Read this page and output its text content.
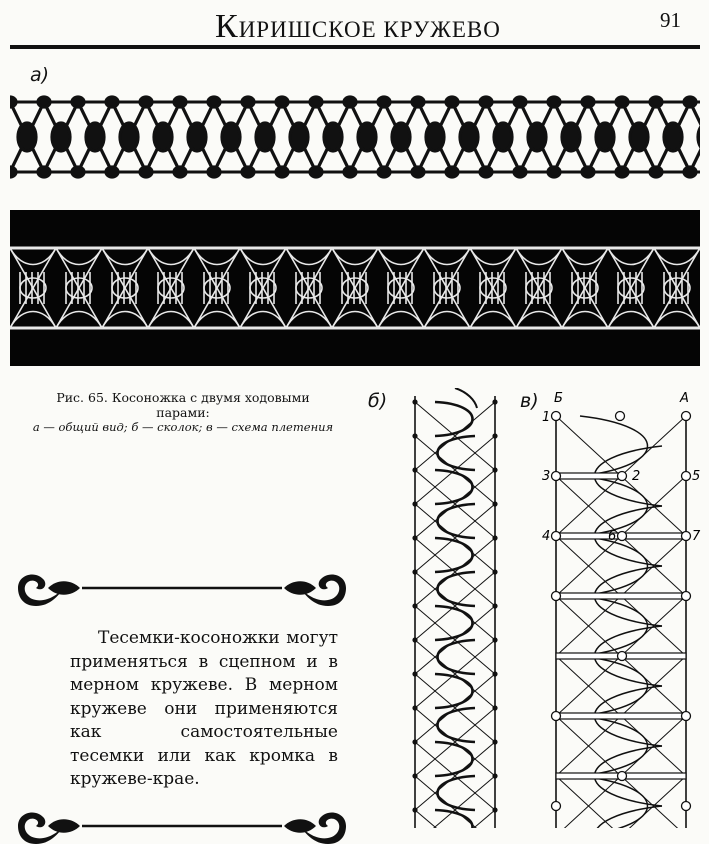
КИРИШСКОЕ КРУЖЕВО	91
а)
Рис. 65. Косоножка с двумя ходовыми парами:
а — общий вид; б — сколок; в — схема плетения
Тесемки-косоножки могут применяться в сцепном и в мерном кружеве. В мерном кружеве они применяются как самостоятельные тесемки или как кромка в кружеве-крае.
б)	в) Б	А
1
3
4
2
6
5
7
